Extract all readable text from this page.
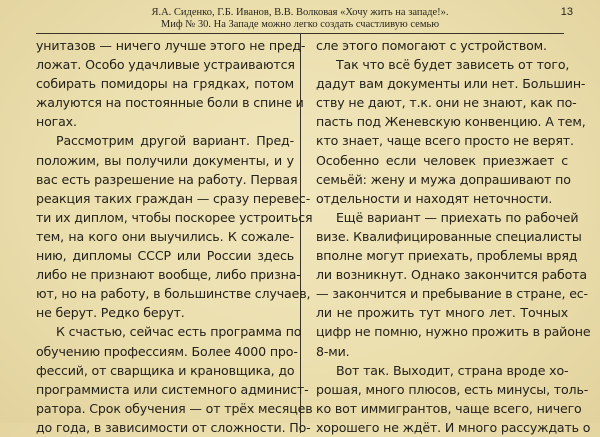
Я.А. Сиденко, Г.Б. Иванов, В.В. Волковая «Хочу жить на западе!».
Миф № 30. На Западе можно легко создать счастливую семью
13
унитазов — ничего лучше этого не пред-
ложат. Особо удачливые устраиваются
собирать помидоры на грядках, потом
жалуются на постоянные боли в спине и
ногах.
Рассмотрим другой вариант. Пред-
положим, вы получили документы, и у
вас есть разрешение на работу. Первая
реакция таких граждан — сразу перевес-
ти их диплом, чтобы поскорее устроиться
тем, на кого они выучились. К сожале-
нию, дипломы СССР или России здесь
либо не признают вообще, либо призна-
ют, но на работу, в большинстве случаев,
не берут. Редко берут.
К счастью, сейчас есть программа по
обучению профессиям. Более 4000 про-
фессий, от сварщика и крановщика, до
программиста или системного админист-
ратора. Срок обучения — от трёх месяцев
до года, в зависимости от сложности. По-
сле этого помогают с устройством.
Так что всё будет зависеть от того,
дадут вам документы или нет. Большин-
ству не дают, т.к. они не знают, как по-
пасть под Женевскую конвенцию. А тем,
кто знает, чаще всего просто не верят.
Особенно если человек приезжает с
семьёй: жену и мужа допрашивают по
отдельности и находят неточности.
Ещё вариант — приехать по рабочей
визе. Квалифицированные специалисты
вполне могут приехать, проблемы вряд
ли возникнут. Однако закончится работа
— закончится и пребывание в стране, ес-
ли не прожить тут много лет. Точных
цифр не помню, нужно прожить в районе
8-ми.
Вот так. Выходит, страна вроде хо-
рошая, много плюсов, есть минусы, толь-
ко вот иммигрантов, чаще всего, ничего
хорошего не ждёт. И много рассуждать о
